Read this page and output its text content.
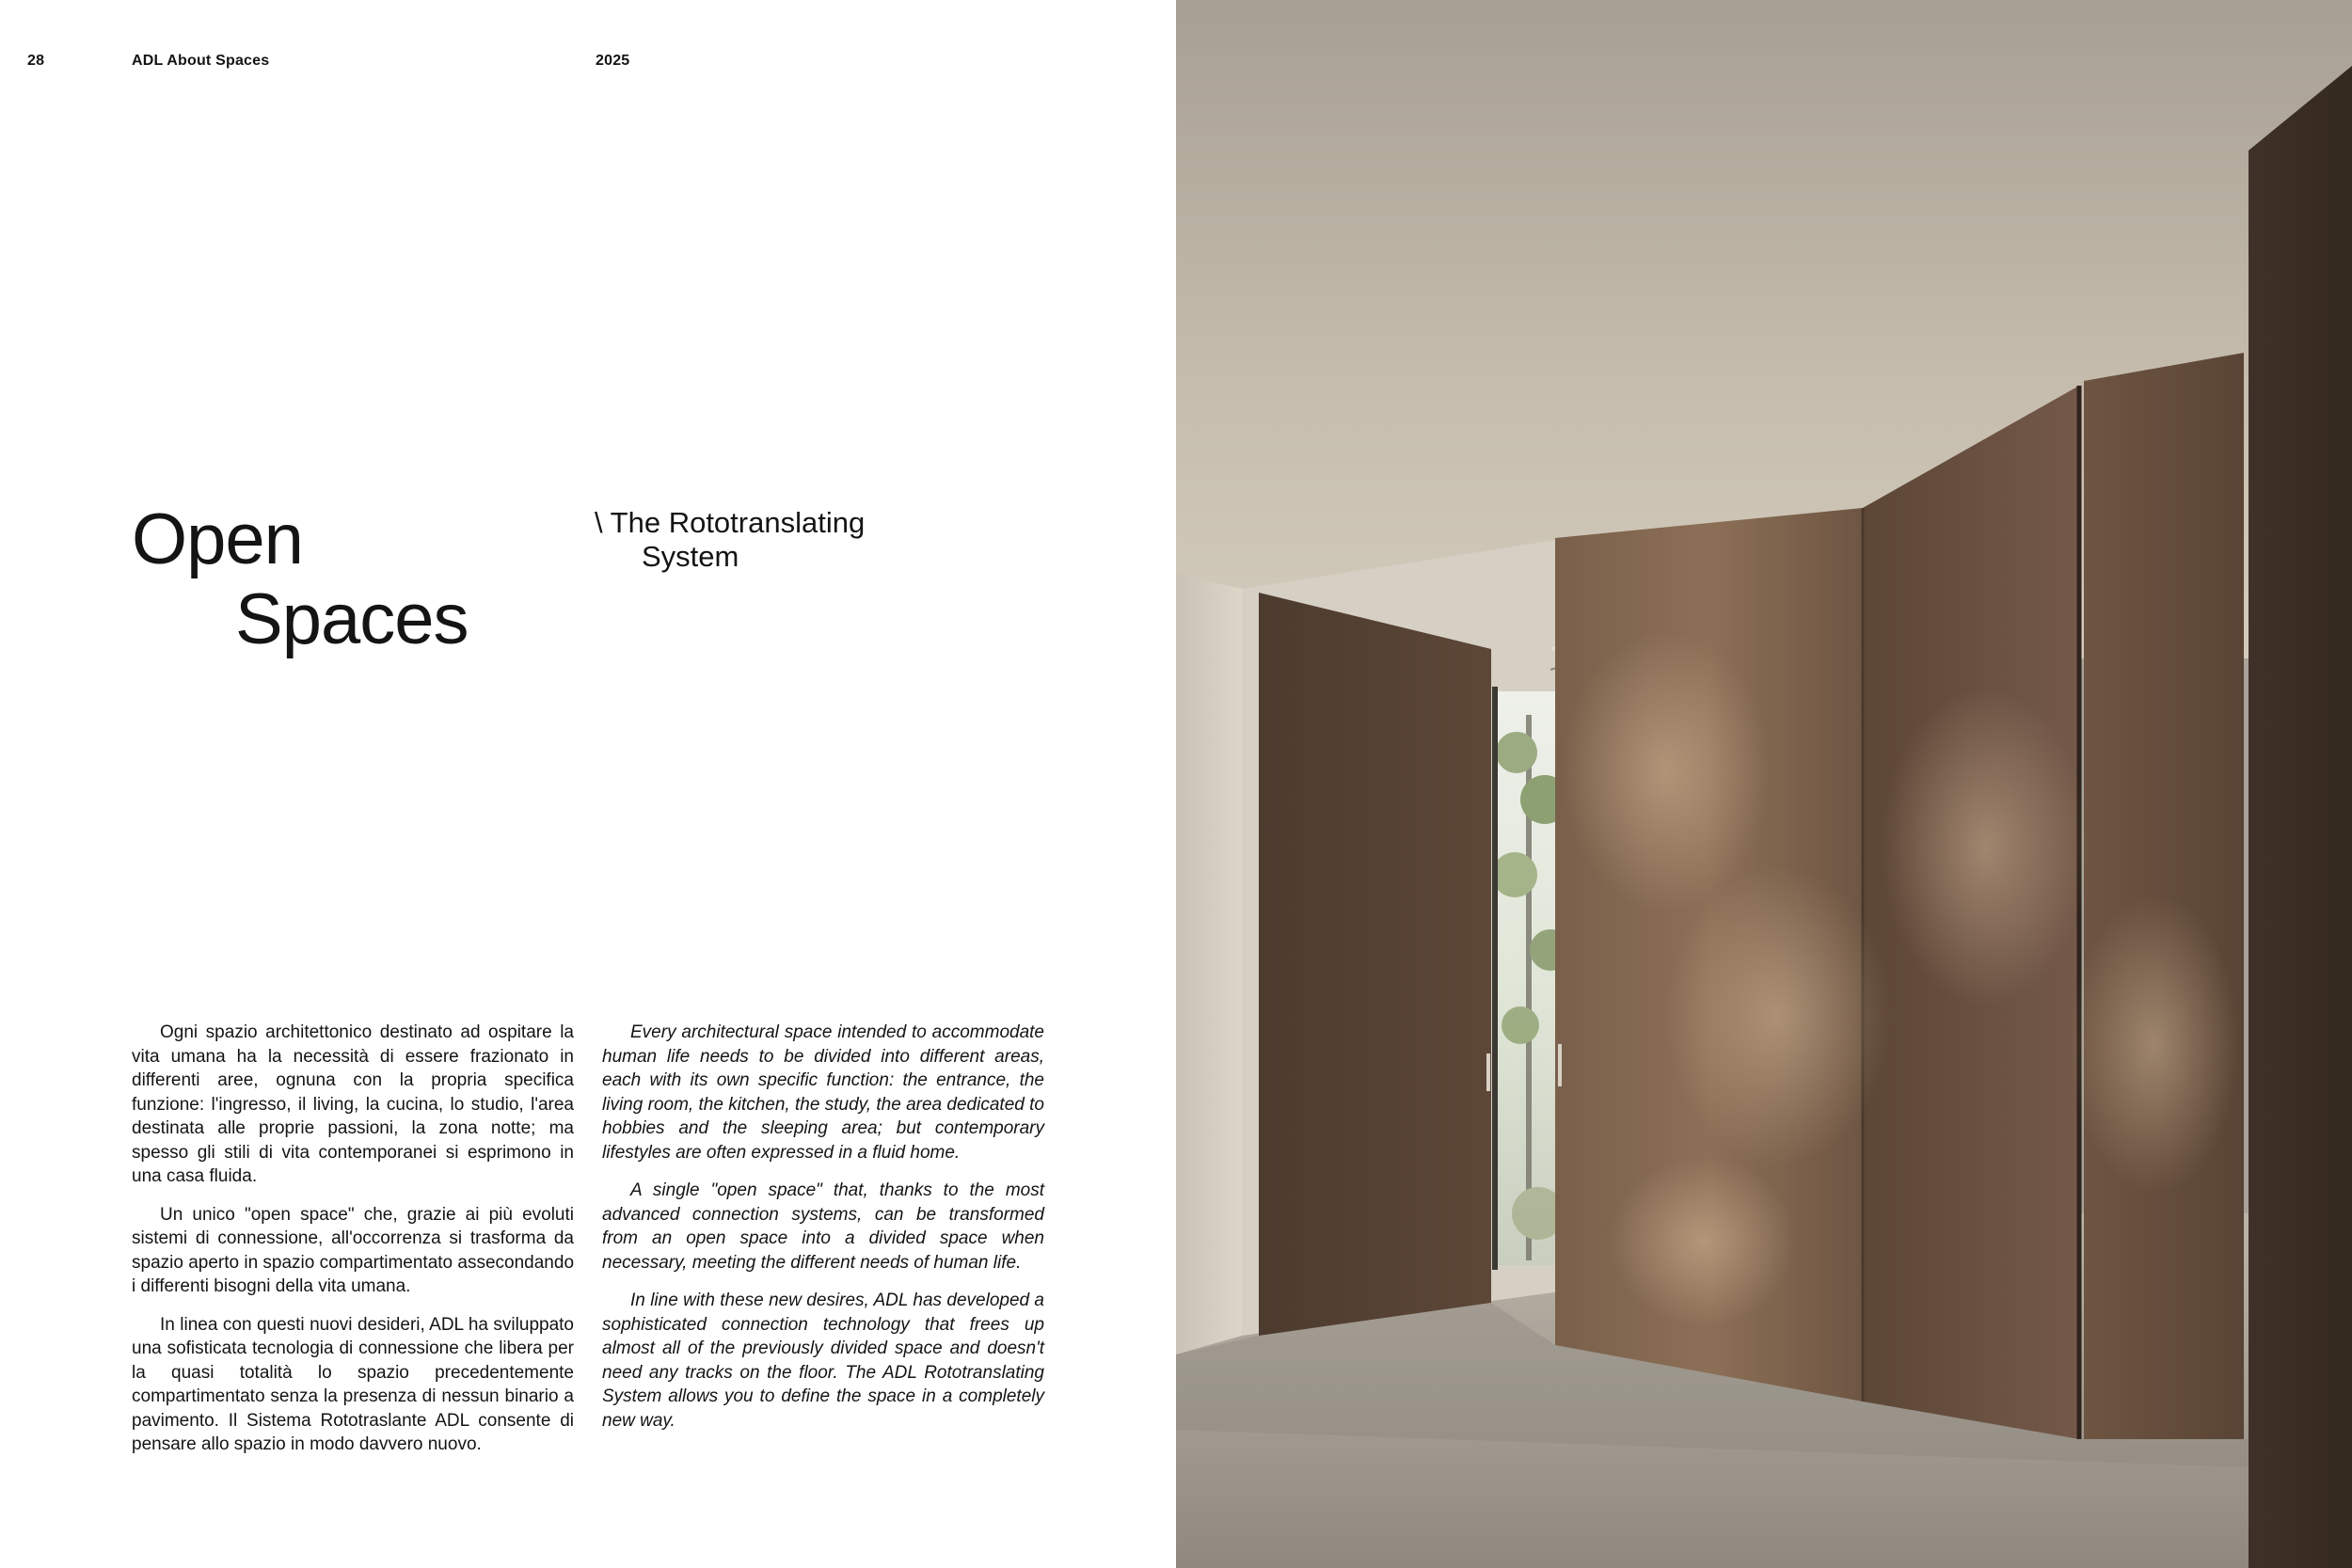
28	ADL About Spaces	2025
Open
Spaces
\ The Rototranslating
System

Ogni spazio architettonico destinato ad ospitare la vita umana ha la necessità di essere frazionato in differenti aree, ognuna con la propria specifica funzione: l'ingresso, il living, la cucina, lo studio, l'area destinata alle proprie passioni, la zona notte; ma spesso gli stili di vita contemporanei si esprimono in una casa fluida.

Un unico "open space" che, grazie ai più evoluti sistemi di connessione, all'occorrenza si trasforma da spazio aperto in spazio compartimentato assecondando i differenti bisogni della vita umana.

In linea con questi nuovi desideri, ADL ha sviluppato una sofisticata tecnologia di connessione che libera per la quasi totalità lo spazio precedentemente compartimentato senza la presenza di nessun binario a pavimento. Il Sistema Rototraslante ADL consente di pensare allo spazio in modo davvero nuovo.

Every architectural space intended to accommodate human life needs to be divided into different areas, each with its own specific function: the entrance, the living room, the kitchen, the study, the area dedicated to hobbies and the sleeping area; but contemporary lifestyles are often expressed in a fluid home.

A single "open space" that, thanks to the most advanced connection systems, can be transformed from an open space into a divided space when necessary, meeting the different needs of human life.

In line with these new desires, ADL has developed a sophisticated connection technology that frees up almost all of the previously divided space and doesn't need any tracks on the floor. The ADL Rototranslating System allows you to define the space in a completely new way.
